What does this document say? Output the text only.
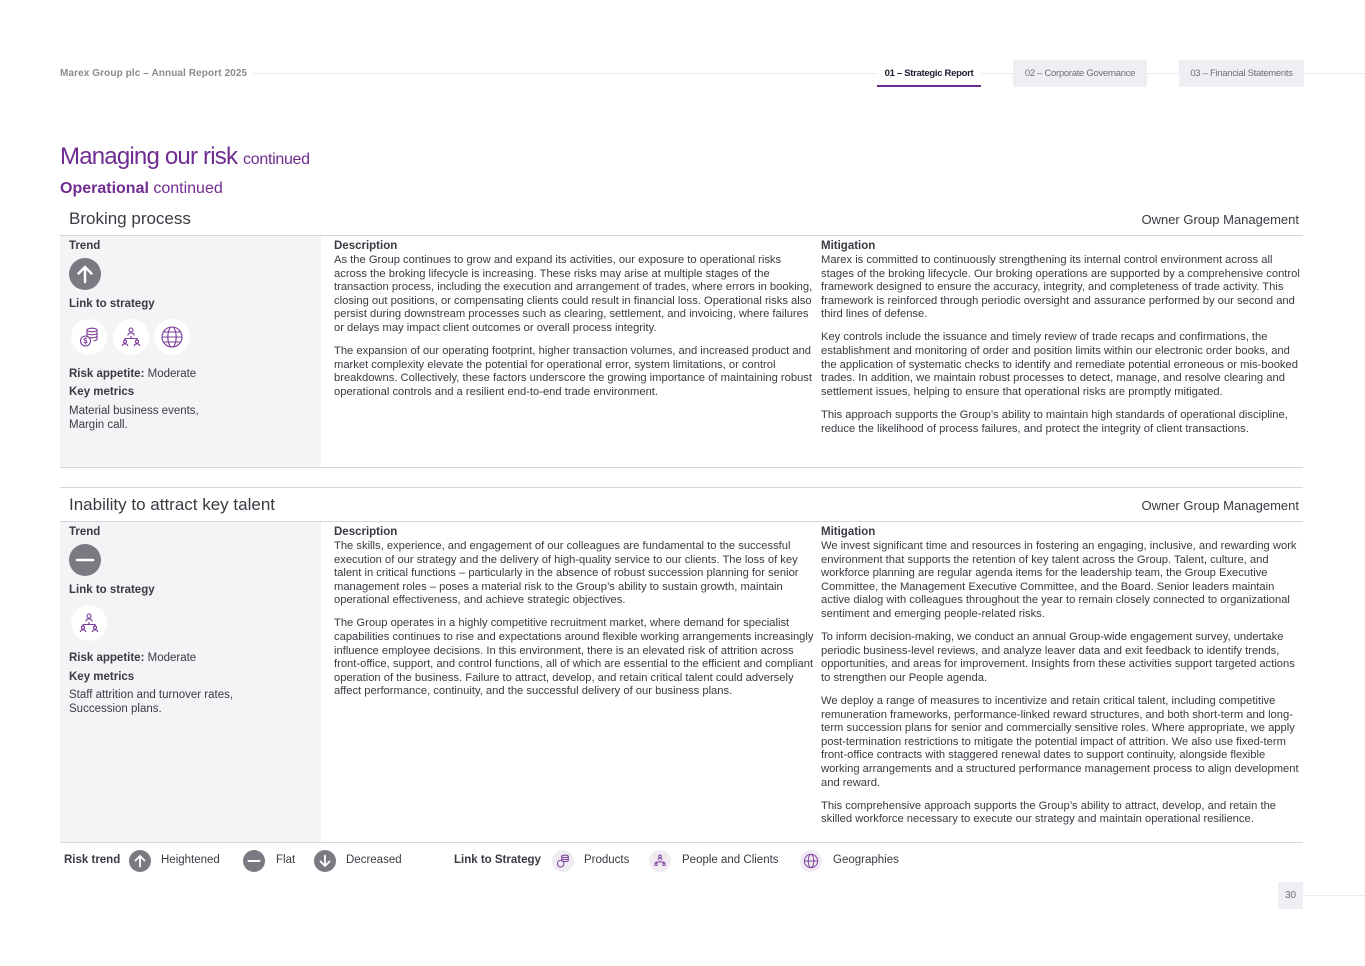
Marex Group plc – Annual Report 2025	01 – Strategic Report	02 – Corporate Governance	03 – Financial Statements
Managing our risk continued
Operational continued
Broking process	Owner Group Management
Trend
Link to strategy
Risk appetite: Moderate
Key metrics
Material business events,
Margin call.
Description

As the Group continues to grow and expand its activities, our exposure to operational risks across the broking lifecycle is increasing. These risks may arise at multiple stages of the transaction process, including the execution and arrangement of trades, where errors in booking, closing out positions, or compensating clients could result in financial loss. Operational risks also persist during downstream processes such as clearing, settlement, and invoicing, where failures or delays may impact client outcomes or overall process integrity.

The expansion of our operating footprint, higher transaction volumes, and increased product and market complexity elevate the potential for operational error, system limitations, or control breakdowns. Collectively, these factors underscore the growing importance of maintaining robust operational controls and a resilient end-to-end trade environment.

Mitigation

Marex is committed to continuously strengthening its internal control environment across all stages of the broking lifecycle. Our broking operations are supported by a comprehensive control framework designed to ensure the accuracy, integrity, and completeness of trade activity. This framework is reinforced through periodic oversight and assurance performed by our second and third lines of defense.

Key controls include the issuance and timely review of trade recaps and confirmations, the establishment and monitoring of order and position limits within our electronic order books, and the application of systematic checks to identify and remediate potential erroneous or mis-booked trades. In addition, we maintain robust processes to detect, manage, and resolve clearing and settlement issues, helping to ensure that operational risks are promptly mitigated.

This approach supports the Group’s ability to maintain high standards of operational discipline, reduce the likelihood of process failures, and protect the integrity of client transactions.

Inability to attract key talent	Owner Group Management
Trend
Link to strategy
Risk appetite: Moderate
Key metrics
Staff attrition and turnover rates,
Succession plans.
Description

The skills, experience, and engagement of our colleagues are fundamental to the successful execution of our strategy and the delivery of high-quality service to our clients. The loss of key talent in critical functions – particularly in the absence of robust succession planning for senior management roles – poses a material risk to the Group’s ability to sustain growth, maintain operational effectiveness, and achieve strategic objectives.

The Group operates in a highly competitive recruitment market, where demand for specialist capabilities continues to rise and expectations around flexible working arrangements increasingly influence employee decisions. In this environment, there is an elevated risk of attrition across front-office, support, and control functions, all of which are essential to the efficient and compliant operation of the business. Failure to attract, develop, and retain critical talent could adversely affect performance, continuity, and the successful delivery of our business plans.

Mitigation

We invest significant time and resources in fostering an engaging, inclusive, and rewarding work environment that supports the retention of key talent across the Group. Talent, culture, and workforce planning are regular agenda items for the leadership team, the Group Executive Committee, the Management Executive Committee, and the Board. Senior leaders maintain active dialog with colleagues throughout the year to remain closely connected to organizational sentiment and emerging people-related risks.

To inform decision-making, we conduct an annual Group-wide engagement survey, undertake periodic business-level reviews, and analyze leaver data and exit feedback to identify trends, opportunities, and areas for improvement. Insights from these activities support targeted actions to strengthen our People agenda.

We deploy a range of measures to incentivize and retain critical talent, including competitive remuneration frameworks, performance-linked reward structures, and both short-term and long-term succession plans for senior and commercially sensitive roles. Where appropriate, we apply post-termination restrictions to mitigate the potential impact of attrition. We also use fixed-term front-office contracts with staggered renewal dates to support continuity, alongside flexible working arrangements and a structured performance management process to align development and reward.

This comprehensive approach supports the Group’s ability to attract, develop, and retain the skilled workforce necessary to execute our strategy and maintain operational resilience.

Risk trend	Heightened	Flat	Decreased	Link to Strategy	Products	People and Clients	Geographies
30
